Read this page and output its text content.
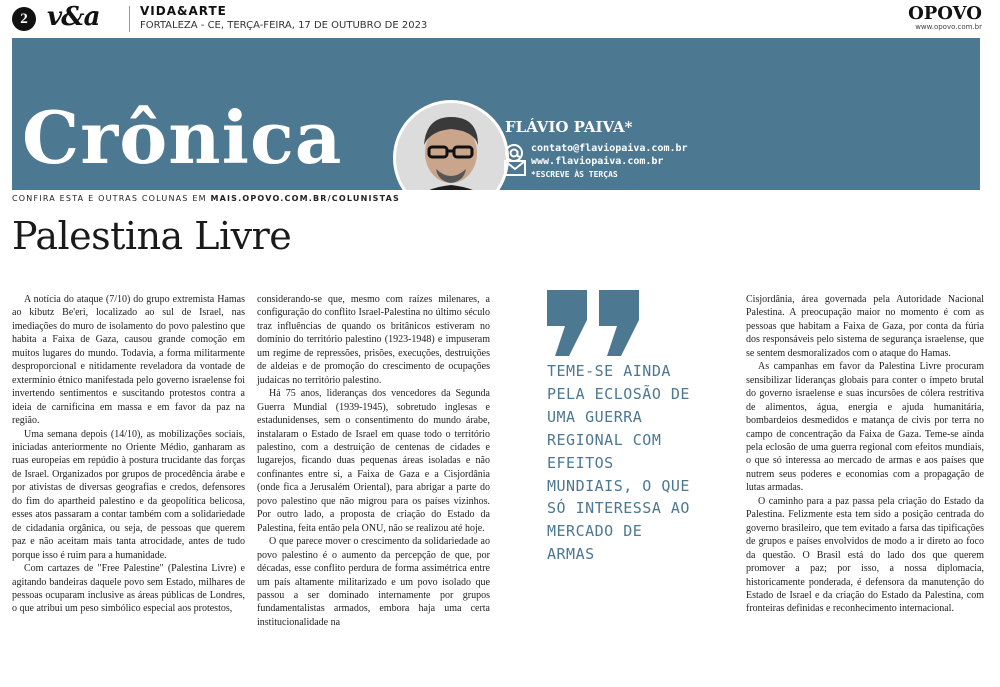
2 v&a	VIDA&ARTE
FORTALEZA - CE, TERÇA-FEIRA, 17 DE OUTUBRO DE 2023
OPOVO
www.opovo.com.br
Crônica	FLÁVIO PAIVA*
contato@flaviopaiva.com.br
www.flaviopaiva.com.br
*ESCREVE ÀS TERÇAS
CONFIRA ESTA E OUTRAS COLUNAS EM MAIS.OPOVO.COM.BR/COLUNISTAS
Palestina Livre

A notícia do ataque (7/10) do grupo extremista Hamas ao kibutz Be'eri, localizado ao sul de Israel, nas imediações do muro de isolamento do povo palestino que habita a Faixa de Gaza, causou grande comoção em muitos lugares do mundo. Todavia, a forma militarmente desproporcional e nitidamente reveladora da vontade de extermínio étnico manifestada pelo governo israelense foi invertendo sentimentos e suscitando protestos contra a ideia de carnificina em massa e em favor da paz na região.

Uma semana depois (14/10), as mobilizações sociais, iniciadas anteriormente no Oriente Médio, ganharam as ruas europeias em repúdio à postura trucidante das forças de Israel. Organizados por grupos de procedência árabe e por ativistas de diversas geografias e credos, defensores do fim do apartheid palestino e da geopolítica belicosa, esses atos passaram a contar também com a solidariedade de cidadania orgânica, ou seja, de pessoas que querem paz e não aceitam mais tanta atrocidade, antes de tudo porque isso é ruim para a humanidade.

Com cartazes de "Free Palestine" (Palestina Livre) e agitando bandeiras daquele povo sem Estado, milhares de pessoas ocuparam inclusive as áreas públicas de Londres, o que atribui um peso simbólico especial aos protestos,

considerando-se que, mesmo com raízes milenares, a configuração do conflito Israel-Palestina no último século traz influências de quando os britânicos estiveram no domínio do território palestino (1923-1948) e impuseram um regime de repressões, prisões, execuções, destruições de aldeias e de promoção do crescimento de ocupações judaicas no território palestino.

Há 75 anos, lideranças dos vencedores da Segunda Guerra Mundial (1939-1945), sobretudo inglesas e estadunidenses, sem o consentimento do mundo árabe, instalaram o Estado de Israel em quase todo o território palestino, com a destruição de centenas de cidades e lugarejos, ficando duas pequenas áreas isoladas e não confinantes entre si, a Faixa de Gaza e a Cisjordânia (onde fica a Jerusalém Oriental), para abrigar a parte do povo palestino que não migrou para os países vizinhos. Por outro lado, a proposta de criação do Estado da Palestina, feita então pela ONU, não se realizou até hoje.

O que parece mover o crescimento da solidariedade ao povo palestino é o aumento da percepção de que, por décadas, esse conflito perdura de forma assimétrica entre um país altamente militarizado e um povo isolado que passou a ser dominado internamente por grupos fundamentalistas armados, embora haja uma certa institucionalidade na

TEME-SE AINDA PELA ECLOSÃO DE UMA GUERRA REGIONAL COM EFEITOS MUNDIAIS, O QUE SÓ INTERESSA AO MERCADO DE ARMAS

Cisjordânia, área governada pela Autoridade Nacional Palestina. A preocupação maior no momento é com as pessoas que habitam a Faixa de Gaza, por conta da fúria dos responsáveis pelo sistema de segurança israelense, que se sentem desmoralizados com o ataque do Hamas.

As campanhas em favor da Palestina Livre procuram sensibilizar lideranças globais para conter o ímpeto brutal do governo israelense e suas incursões de cólera restritiva de alimentos, água, energia e ajuda humanitária, bombardeios desmedidos e matança de civis por terra no campo de concentração da Faixa de Gaza. Teme-se ainda pela eclosão de uma guerra regional com efeitos mundiais, o que só interessa ao mercado de armas e aos países que nutrem seus poderes e economias com a propagação de lutas armadas.

O caminho para a paz passa pela criação do Estado da Palestina. Felizmente esta tem sido a posição centrada do governo brasileiro, que tem evitado a farsa das tipificações de grupos e países envolvidos de modo a ir direto ao foco da questão. O Brasil está do lado dos que querem promover a paz; por isso, a nossa diplomacia, historicamente ponderada, é defensora da manutenção do Estado de Israel e da criação do Estado da Palestina, com fronteiras definidas e reconhecimento internacional.
